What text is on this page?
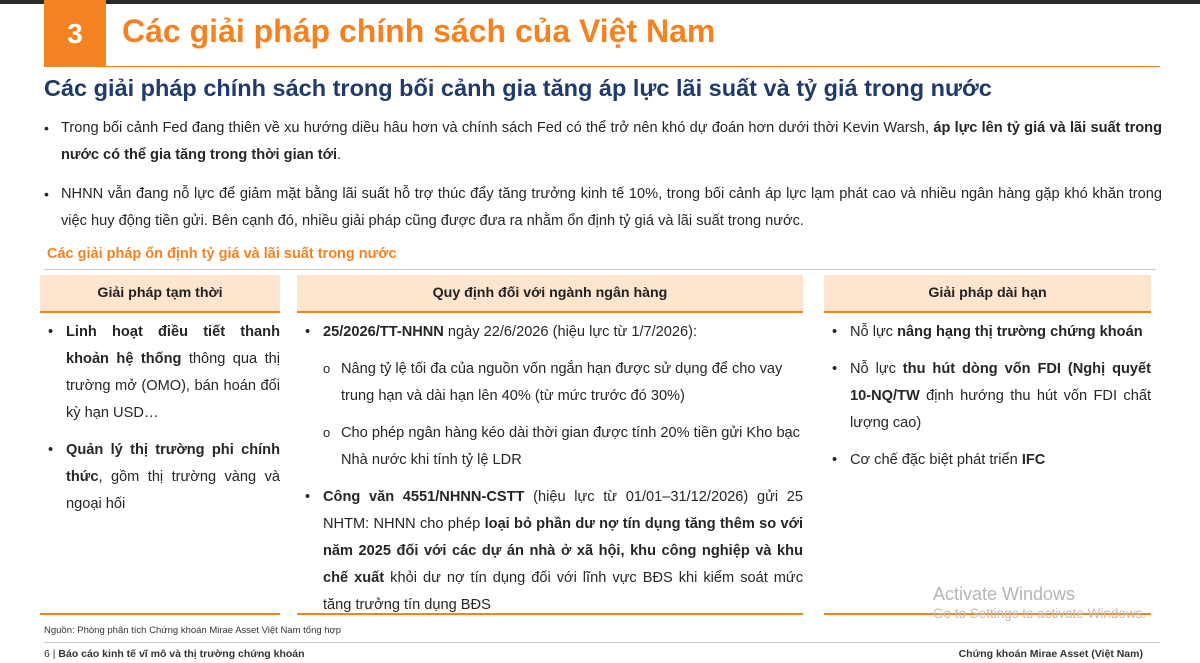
3	Các giải pháp chính sách của Việt Nam
Các giải pháp chính sách trong bối cảnh gia tăng áp lực lãi suất và tỷ giá trong nước
• Trong bối cảnh Fed đang thiên về xu hướng diều hâu hơn và chính sách Fed có thể trở nên khó dự đoán hơn dưới thời Kevin Warsh, áp lực lên tỷ giá và lãi suất trong nước có thể gia tăng trong thời gian tới.
• NHNN vẫn đang nỗ lực để giảm mặt bằng lãi suất hỗ trợ thúc đẩy tăng trưởng kinh tế 10%, trong bối cảnh áp lực lạm phát cao và nhiều ngân hàng gặp khó khăn trong việc huy động tiền gửi. Bên cạnh đó, nhiều giải pháp cũng được đưa ra nhằm ổn định tỷ giá và lãi suất trong nước.
Các giải pháp ổn định tỷ giá và lãi suất trong nước
Giải pháp tạm thời
• Linh hoạt điều tiết thanh khoản hệ thống thông qua thị trường mở (OMO), bán hoán đổi kỳ hạn USD…
• Quản lý thị trường phi chính thức, gồm thị trường vàng và ngoại hối
Quy định đối với ngành ngân hàng
• 25/2026/TT-NHNN ngày 22/6/2026 (hiệu lực từ 1/7/2026):
o Nâng tỷ lệ tối đa của nguồn vốn ngắn hạn được sử dụng để cho vay trung hạn và dài hạn lên 40% (từ mức trước đó 30%)
o Cho phép ngân hàng kéo dài thời gian được tính 20% tiền gửi Kho bạc Nhà nước khi tính tỷ lệ LDR
• Công văn 4551/NHNN-CSTT (hiệu lực từ 01/01–31/12/2026) gửi 25 NHTM: NHNN cho phép loại bỏ phần dư nợ tín dụng tăng thêm so với năm 2025 đối với các dự án nhà ở xã hội, khu công nghiệp và khu chế xuất khỏi dư nợ tín dụng đối với lĩnh vực BĐS khi kiểm soát mức tăng trưởng tín dụng BĐS
Giải pháp dài hạn
• Nỗ lực nâng hạng thị trường chứng khoán
• Nỗ lực thu hút dòng vốn FDI (Nghị quyết 10-NQ/TW định hướng thu hút vốn FDI chất lượng cao)
• Cơ chế đặc biệt phát triển IFC
Nguồn: Phòng phân tích Chứng khoán Mirae Asset Việt Nam tổng hợp
Activate Windows
Go to Settings to activate Windows.
6 | Báo cáo kinh tế vĩ mô và thị trường chứng khoán	Chứng khoán Mirae Asset (Việt Nam)
